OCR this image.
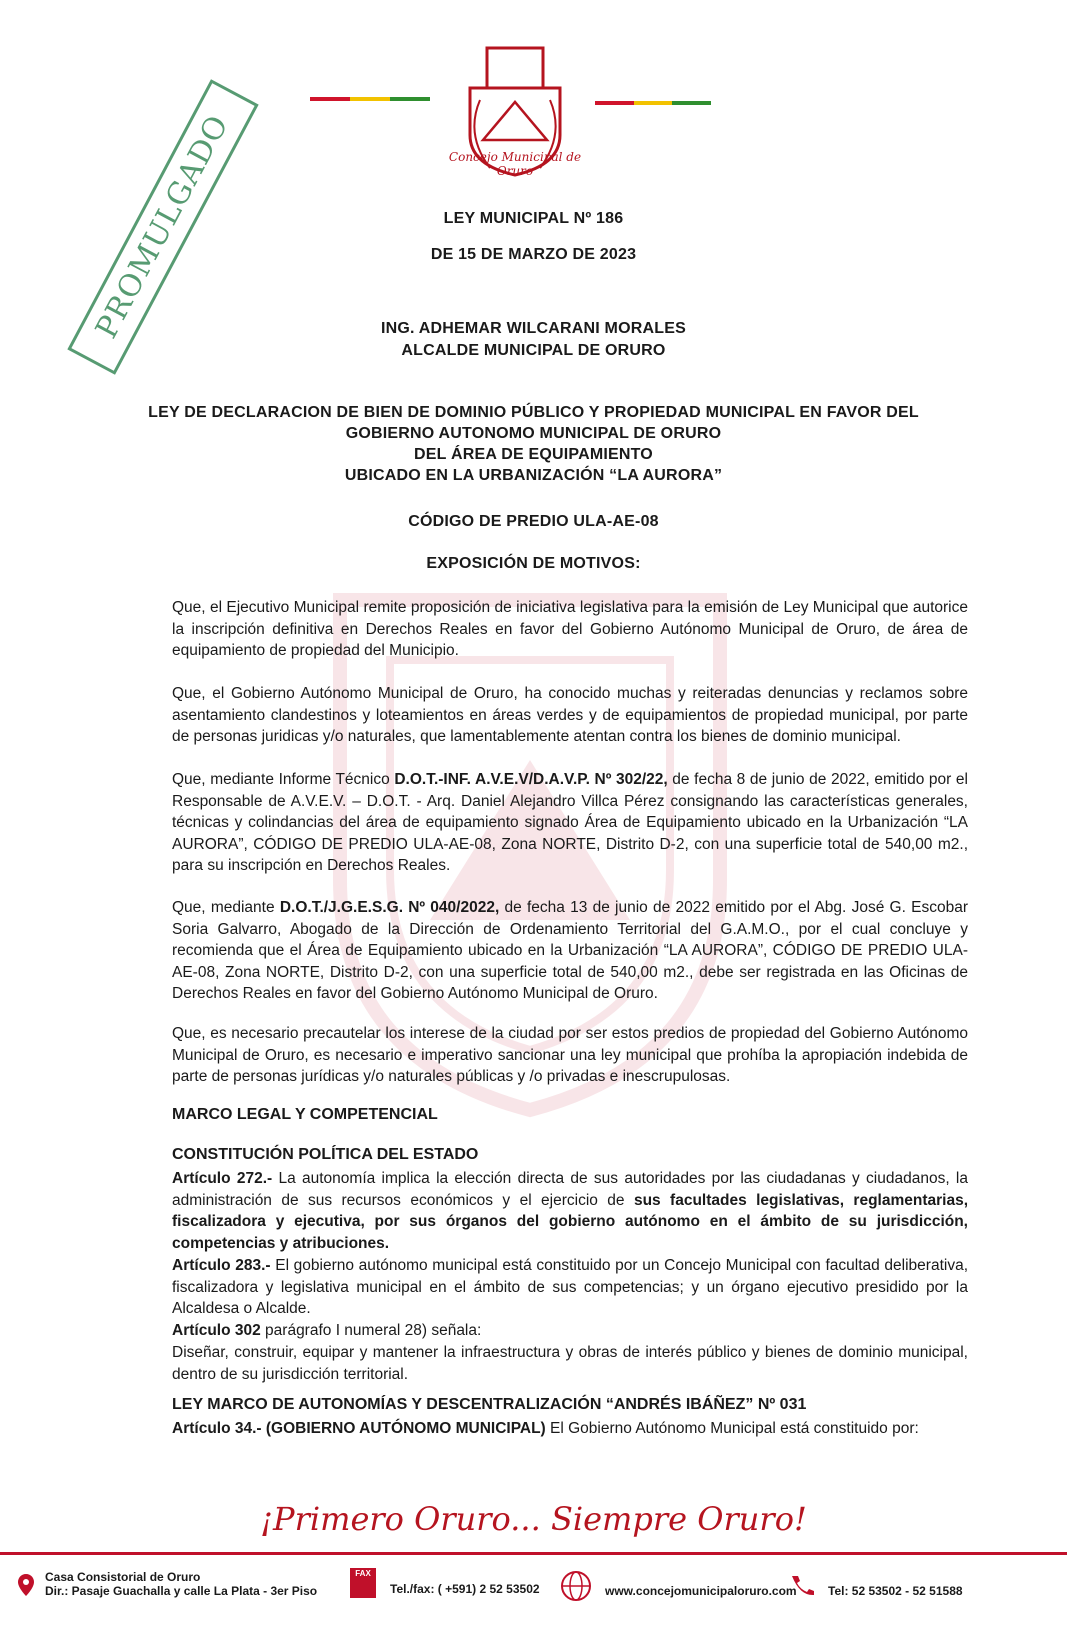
Concejo Municipal de Oruro
PROMULGADO	LEY MUNICIPAL Nº 186
DE 15 DE MARZO DE 2023
ING. ADHEMAR WILCARANI MORALES
ALCALDE MUNICIPAL DE ORURO
LEY DE DECLARACION DE BIEN DE DOMINIO PÚBLICO Y PROPIEDAD MUNICIPAL EN FAVOR DEL
GOBIERNO AUTONOMO MUNICIPAL DE ORURO
DEL ÁREA DE EQUIPAMIENTO
UBICADO EN LA URBANIZACIÓN “LA AURORA”
CÓDIGO DE PREDIO ULA-AE-08
EXPOSICIÓN DE MOTIVOS:
Que, el Ejecutivo Municipal remite proposición de iniciativa legislativa para la emisión de Ley Municipal que autorice la inscripción definitiva en Derechos Reales en favor del Gobierno Autónomo Municipal de Oruro, de área de equipamiento de propiedad del Municipio.
Que, el Gobierno Autónomo Municipal de Oruro, ha conocido muchas y reiteradas denuncias y reclamos sobre asentamiento clandestinos y loteamientos en áreas verdes y de equipamientos de propiedad municipal, por parte de personas juridicas y/o naturales, que lamentablemente atentan contra los bienes de dominio municipal.
Que, mediante Informe Técnico D.O.T.-INF. A.V.E.V/D.A.V.P. Nº 302/22, de fecha 8 de junio de 2022, emitido por el Responsable de A.V.E.V. – D.O.T. - Arq. Daniel Alejandro Villca Pérez consignando las características generales, técnicas y colindancias del área de equipamiento signado Área de Equipamiento ubicado en la Urbanización “LA AURORA”, CÓDIGO DE PREDIO ULA-AE-08, Zona NORTE, Distrito D-2, con una superficie total de 540,00 m2., para su inscripción en Derechos Reales.
Que, mediante D.O.T./J.G.E.S.G. Nº 040/2022, de fecha 13 de junio de 2022 emitido por el Abg. José G. Escobar Soria Galvarro, Abogado de la Dirección de Ordenamiento Territorial del G.A.M.O., por el cual concluye y recomienda que el Área de Equipamiento ubicado en la Urbanización “LA AURORA”, CÓDIGO DE PREDIO ULA-AE-08, Zona NORTE, Distrito D-2, con una superficie total de 540,00 m2., debe ser registrada en las Oficinas de Derechos Reales en favor del Gobierno Autónomo Municipal de Oruro.
Que, es necesario precautelar los interese de la ciudad por ser estos predios de propiedad del Gobierno Autónomo Municipal de Oruro, es necesario e imperativo sancionar una ley municipal que prohíba la apropiación indebida de parte de personas jurídicas y/o naturales públicas y /o privadas e inescrupulosas.
MARCO LEGAL Y COMPETENCIAL
CONSTITUCIÓN POLÍTICA DEL ESTADO
Artículo 272.- La autonomía implica la elección directa de sus autoridades por las ciudadanas y ciudadanos, la administración de sus recursos económicos y el ejercicio de sus facultades legislativas, reglamentarias, fiscalizadora y ejecutiva, por sus órganos del gobierno autónomo en el ámbito de su jurisdicción, competencias y atribuciones.
Artículo 283.- El gobierno autónomo municipal está constituido por un Concejo Municipal con facultad deliberativa, fiscalizadora y legislativa municipal en el ámbito de sus competencias; y un órgano ejecutivo presidido por la Alcaldesa o Alcalde.
Artículo 302 parágrafo I numeral 28) señala:
Diseñar, construir, equipar y mantener la infraestructura y obras de interés público y bienes de dominio municipal, dentro de su jurisdicción territorial.
LEY MARCO DE AUTONOMÍAS Y DESCENTRALIZACIÓN “ANDRÉS IBÁÑEZ” Nº 031
Artículo 34.- (GOBIERNO AUTÓNOMO MUNICIPAL) El Gobierno Autónomo Municipal está constituido por:
¡Primero Oruro... Siempre Oruro!
Casa Consistorial de Oruro
Dir.: Pasaje Guachalla y calle La Plata - 3er Piso
FAX
Tel./fax: ( +591) 2 52 53502	www.concejomunicipaloruro.com	Tel: 52 53502 - 52 51588
